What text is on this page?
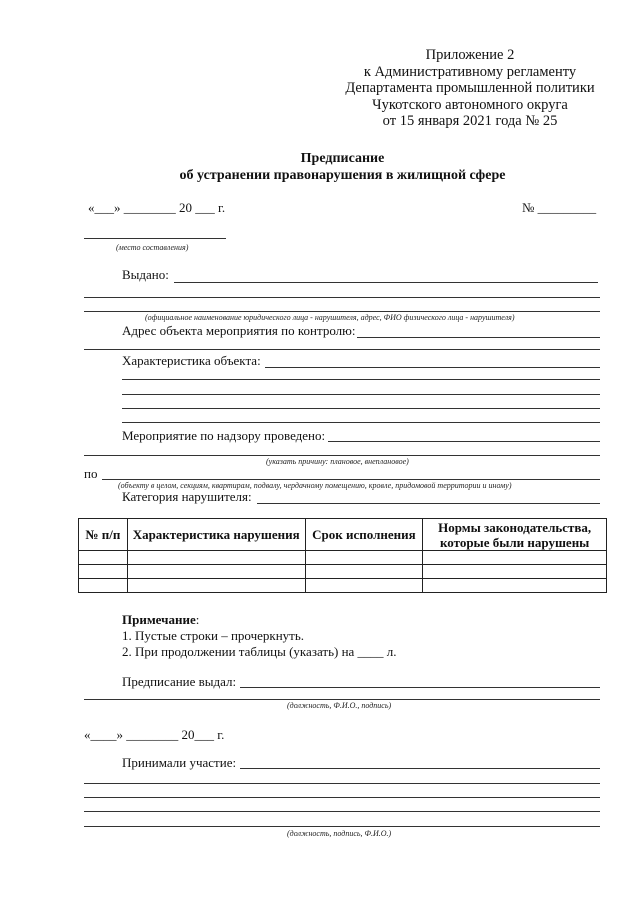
Приложение 2
к Административному регламенту
Департамента промышленной политики
Чукотского автономного округа
от 15 января 2021 года № 25
Предписание
об устранении правонарушения в жилищной сфере
«___» ________ 20 ___ г.	№ _________
(место составления)
Выдано:
(официальное наименование юридического лица - нарушителя, адрес, ФИО физического лица - нарушителя)
Адрес объекта мероприятия по контролю:
Характеристика объекта:
Мероприятие по надзору проведено:
(указать причину: плановое, внеплановое)
по
(объекту в целом, секциям, квартирам, подвалу, чердачному помещению, кровле, придомовой территории и иному)
Категория нарушителя:
№ п/п	Характеристика нарушения	Срок исполнения	Нормы законодательства, которые были нарушены

Примечание:
1. Пустые строки – прочеркнуть.
2. При продолжении таблицы (указать) на ____ л.
Предписание выдал:
(должность, Ф.И.О., подпись)
«____» ________ 20___ г.
Принимали участие:
(должность, подпись, Ф.И.О.)
